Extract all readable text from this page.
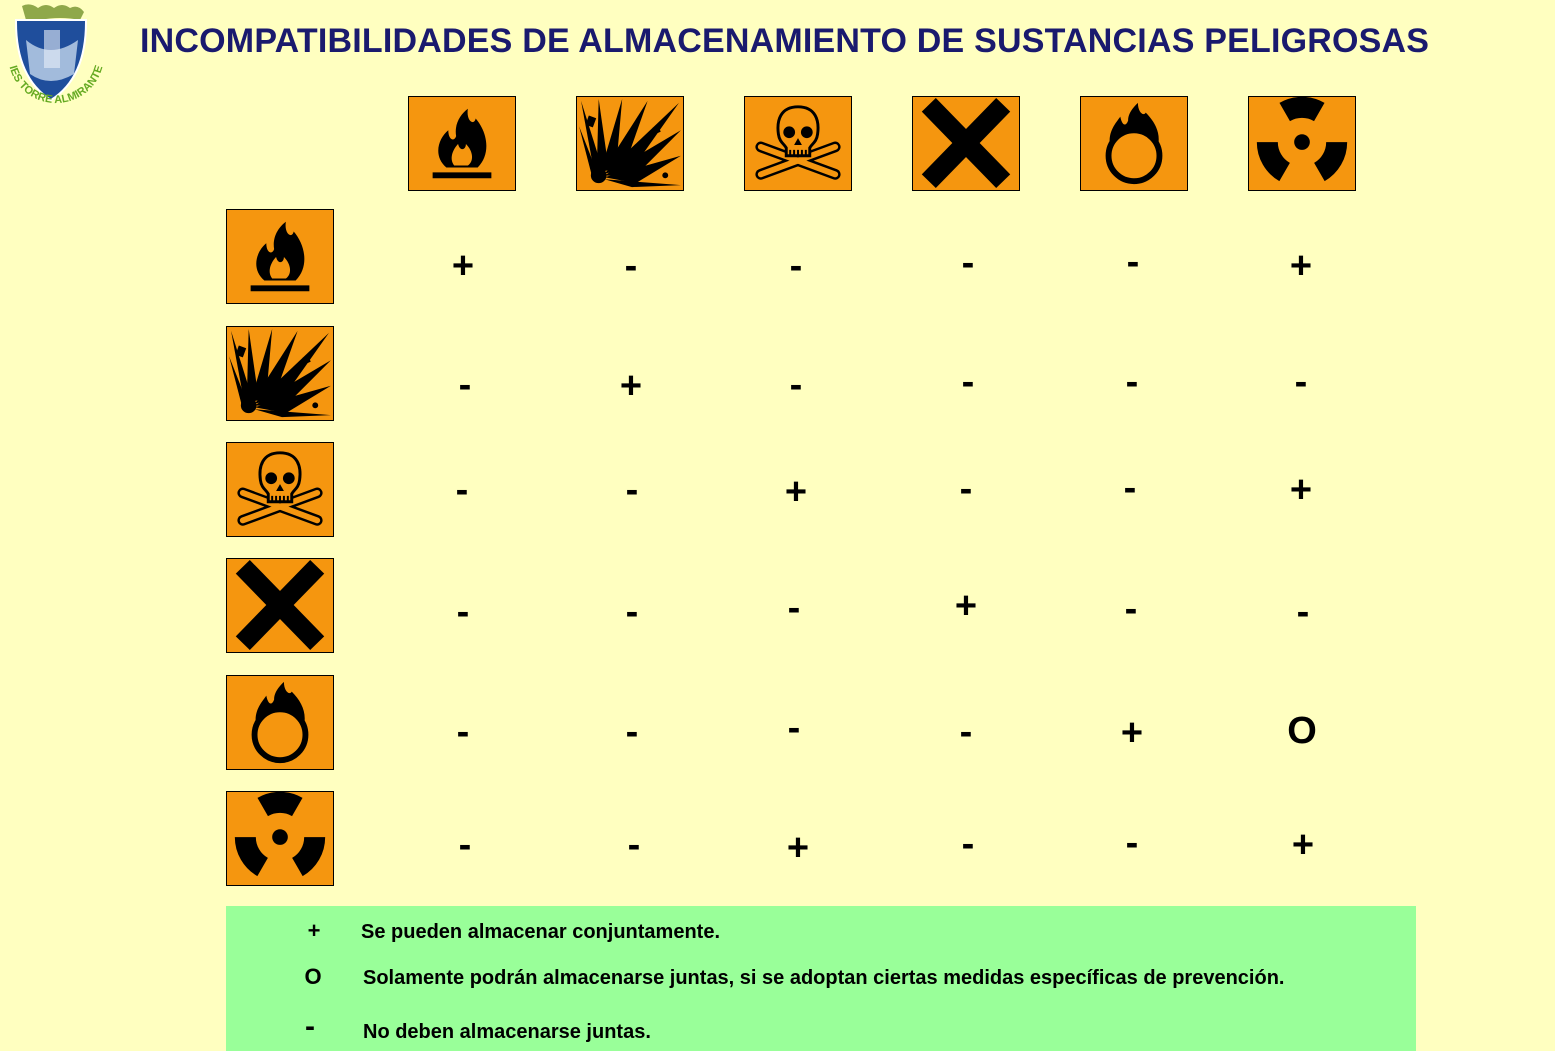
IES TORRE ALMIRANTE
INCOMPATIBILIDADES DE ALMACENAMIENTO DE SUSTANCIAS PELIGROSAS
+	-	-	-	-	+
-	+	-	-	-	-
-	-	+	-	-	+
-	-	-	+	-	-
-	-	-	-	+	O
-	-	+	-	-	+
+	Se pueden almacenar conjuntamente.
O	Solamente podrán almacenarse juntas, si se adoptan ciertas medidas específicas de prevención.
-	No deben almacenarse juntas.
